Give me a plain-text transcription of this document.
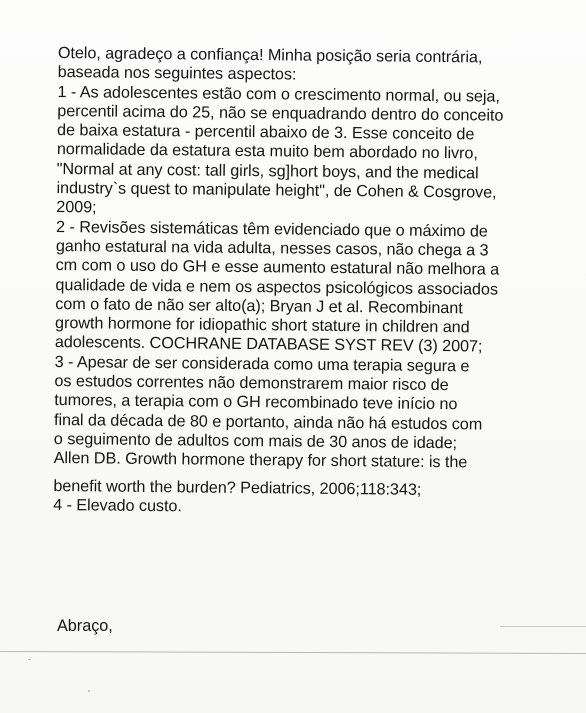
Otelo, agradeço a confiança! Minha posição seria contrária,
baseada nos seguintes aspectos:
1 - As adolescentes estão com o crescimento normal, ou seja,
percentil acima do 25, não se enquadrando dentro do conceito
de baixa estatura - percentil abaixo de 3. Esse conceito de
normalidade da estatura esta muito bem abordado no livro,
"Normal at any cost: tall girls, sg]hort boys, and the medical
industry`s quest to manipulate height", de Cohen & Cosgrove,
2009;
2 - Revisões sistemáticas têm evidenciado que o máximo de
ganho estatural na vida adulta, nesses casos, não chega a 3
cm com o uso do GH e esse aumento estatural não melhora a
qualidade de vida e nem os aspectos psicológicos associados
com o fato de não ser alto(a); Bryan J et al. Recombinant
growth hormone for idiopathic short stature in children and
adolescents. COCHRANE DATABASE SYST REV (3) 2007;
3 - Apesar de ser considerada como uma terapia segura e
os estudos correntes não demonstrarem maior risco de
tumores, a terapia com o GH recombinado teve início no
final da década de 80 e portanto, ainda não há estudos com
o seguimento de adultos com mais de 30 anos de idade;
Allen DB. Growth hormone therapy for short stature: is the
benefit worth the burden? Pediatrics, 2006;118:343;
4 - Elevado custo.
Abraço,
